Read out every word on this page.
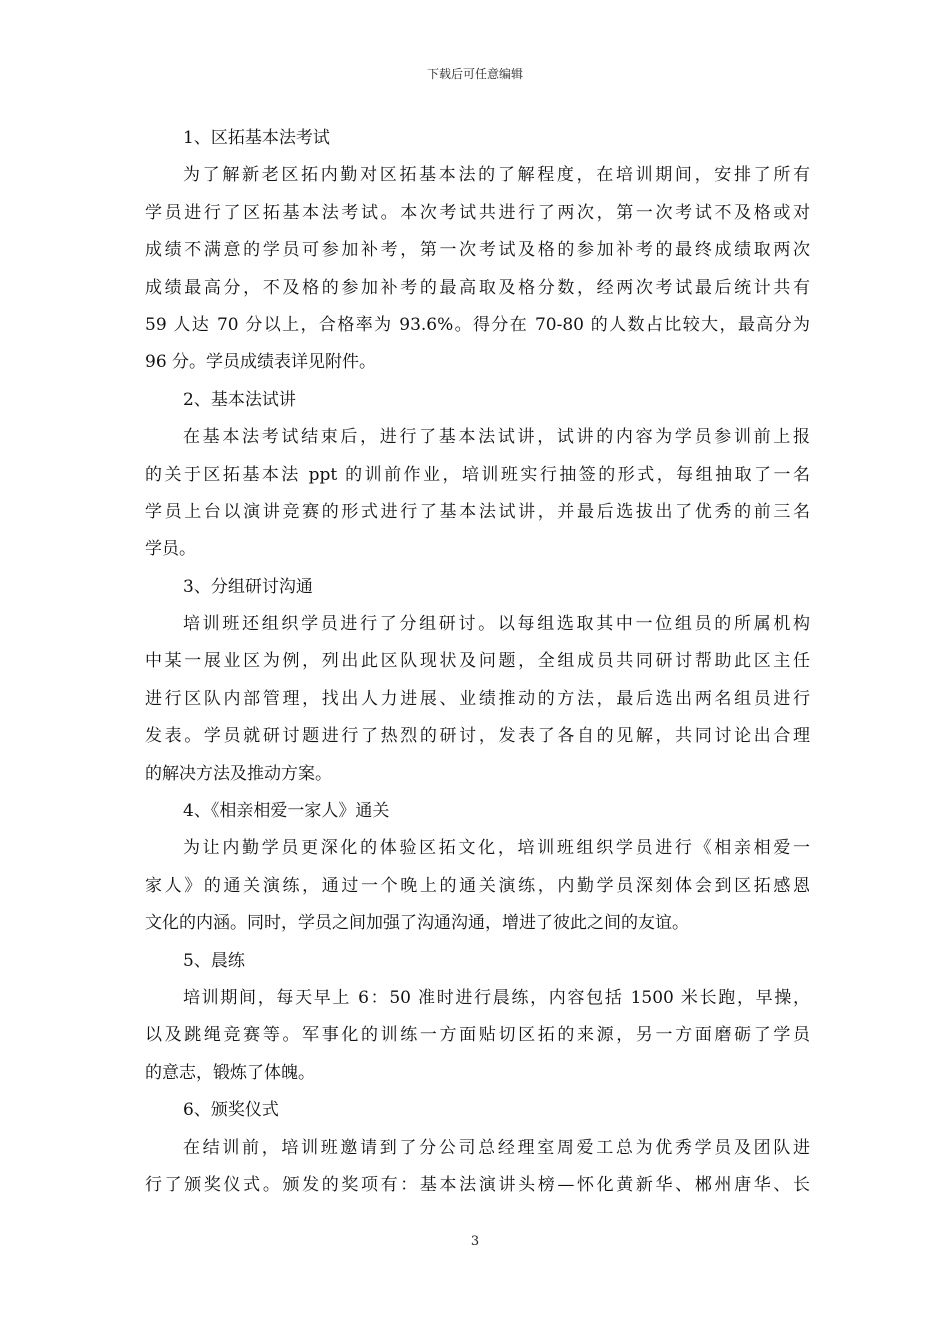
下载后可任意编辑
1、区拓基本法考试
为了解新老区拓内勤对区拓基本法的了解程度，在培训期间，安排了所有
学员进行了区拓基本法考试。本次考试共进行了两次，第一次考试不及格或对
成绩不满意的学员可参加补考，第一次考试及格的参加补考的最终成绩取两次
成绩最高分，不及格的参加补考的最高取及格分数，经两次考试最后统计共有
59 人达 70 分以上，合格率为 93.6%。得分在 70-80 的人数占比较大，最高分为
96 分。学员成绩表详见附件。
2、基本法试讲
在基本法考试结束后，进行了基本法试讲，试讲的内容为学员参训前上报
的关于区拓基本法 ppt 的训前作业，培训班实行抽签的形式，每组抽取了一名
学员上台以演讲竞赛的形式进行了基本法试讲，并最后选拔出了优秀的前三名
学员。
3、分组研讨沟通
培训班还组织学员进行了分组研讨。以每组选取其中一位组员的所属机构
中某一展业区为例，列出此区队现状及问题，全组成员共同研讨帮助此区主任
进行区队内部管理，找出人力进展、业绩推动的方法，最后选出两名组员进行
发表。学员就研讨题进行了热烈的研讨，发表了各自的见解，共同讨论出合理
的解决方法及推动方案。
4、《相亲相爱一家人》通关
为让内勤学员更深化的体验区拓文化，培训班组织学员进行《相亲相爱一
家人》的通关演练，通过一个晚上的通关演练，内勤学员深刻体会到区拓感恩
文化的内涵。同时，学员之间加强了沟通沟通，增进了彼此之间的友谊。
5、晨练
培训期间，每天早上 6：50 准时进行晨练，内容包括 1500 米长跑，早操，
以及跳绳竞赛等。军事化的训练一方面贴切区拓的来源，另一方面磨砺了学员
的意志，锻炼了体魄。
6、颁奖仪式
在结训前，培训班邀请到了分公司总经理室周爱工总为优秀学员及团队进
行了颁奖仪式。颁发的奖项有：基本法演讲头榜—怀化黄新华、郴州唐华、长
3
